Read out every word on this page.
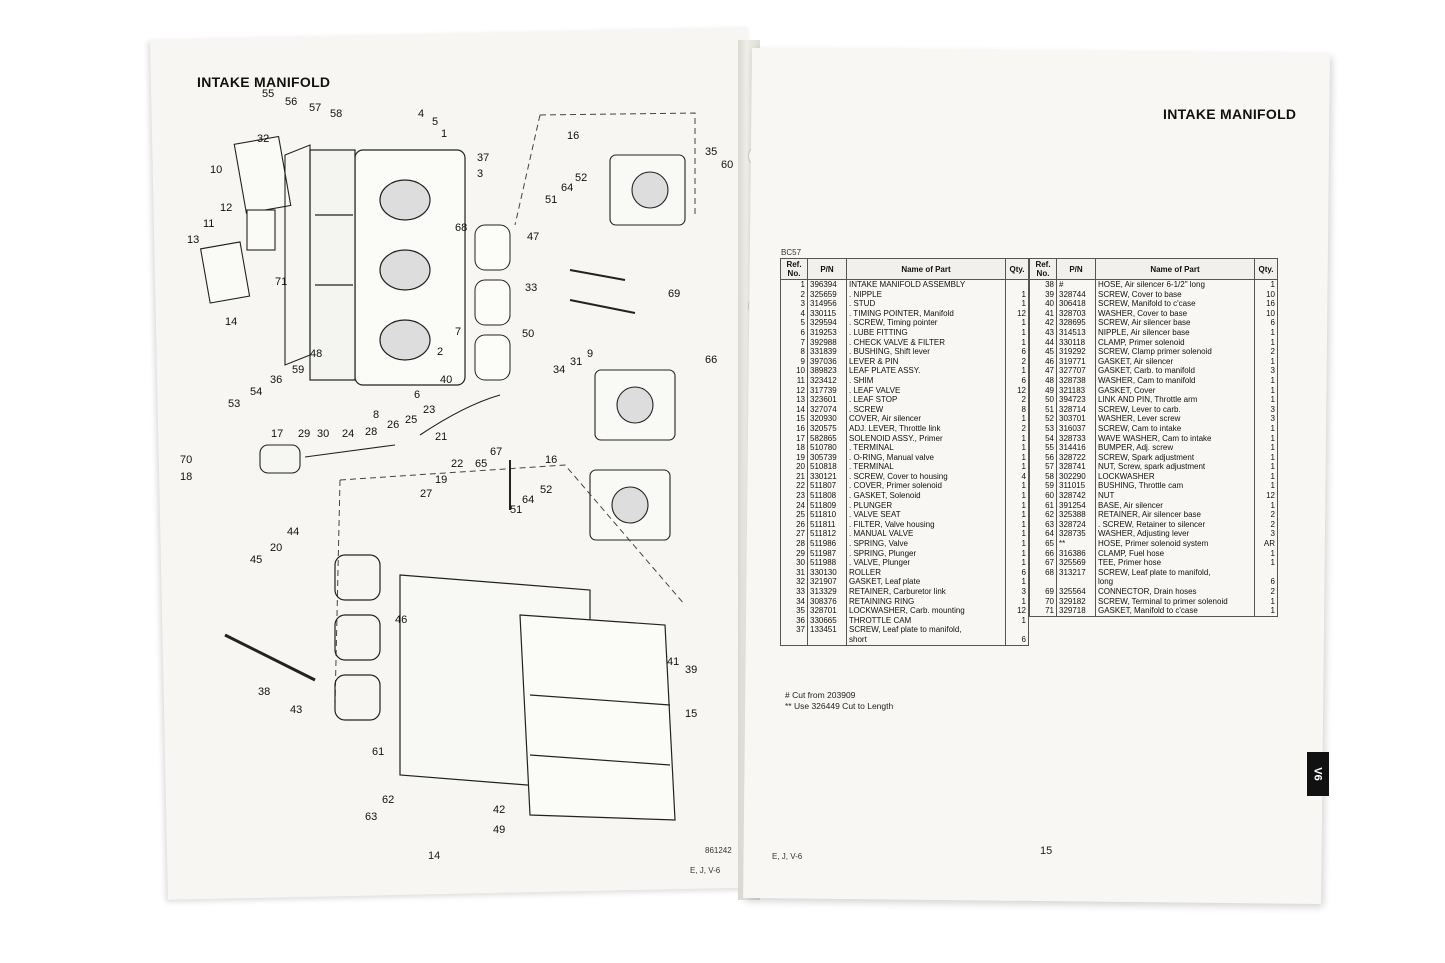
INTAKE MANIFOLD
55
56 57 58	4
5
1
37
3
32
10
12
11
13
68
71
14
48
59
36
54
53
7
2
40
8
6
23
17 29 30 24 28
26 25
21
22 65
67
19
27
70
18
44
20
45
46
38
43
61
62
63
42
49
15
41
39
16
35
60
52
64
51
47
33
50
69
31
9
34
66
16
52
64
51
14	861242
E, J, V-6
INTAKE MANIFOLD
BC57
Ref. No.	P/N	Name of Part	Qty.
1	396394	INTAKE MANIFOLD ASSEMBLY	
2	325659	. NIPPLE	1
3	314956	. STUD	1
4	330115	. TIMING POINTER, Manifold	12
5	329594	. SCREW, Timing pointer	1
6	319253	. LUBE FITTING	1
7	392988	. CHECK VALVE & FILTER	1
8	331839	. BUSHING, Shift lever	6
9	397036	LEVER & PIN	2
10	389823	LEAF PLATE ASSY.	1
11	323412	. SHIM	6
12	317739	. LEAF VALVE	12
13	323601	. LEAF STOP	2
14	327074	. SCREW	8
15	320930	COVER, Air silencer	1
16	320575	ADJ. LEVER, Throttle link	2
17	582865	SOLENOID ASSY., Primer	1
18	510780	. TERMINAL	1
19	305739	. O-RING, Manual valve	1
20	510818	. TERMINAL	1
21	330121	. SCREW, Cover to housing	4
22	511807	. COVER, Primer solenoid	1
23	511808	. GASKET, Solenoid	1
24	511809	. PLUNGER	1
25	511810	. VALVE SEAT	1
26	511811	. FILTER, Valve housing	1
27	511812	. MANUAL VALVE	1
28	511986	. SPRING, Valve	1
29	511987	. SPRING, Plunger	1
30	511988	. VALVE, Plunger	1
31	330130	ROLLER	6
32	321907	GASKET, Leaf plate	1
33	313329	RETAINER, Carburetor link	3
34	308376	RETAINING RING	1
35	328701	LOCKWASHER, Carb. mounting	12
36	330665	THROTTLE CAM	1
37	133451	SCREW, Leaf plate to manifold,	
		short	6
Ref. No.	P/N	Name of Part	Qty.
38	#	HOSE, Air silencer 6-1/2" long	1
39	328744	SCREW, Cover to base	10
40	306418	SCREW, Manifold to c'case	16
41	328703	WASHER, Cover to base	10
42	328695	SCREW, Air silencer base	6
43	314513	NIPPLE, Air silencer base	1
44	330118	CLAMP, Primer solenoid	1
45	319292	SCREW, Clamp primer solenoid	2
46	319771	GASKET, Air silencer	1
47	327707	GASKET, Carb. to manifold	3
48	328738	WASHER, Cam to manifold	1
49	321183	GASKET, Cover	1
50	394723	LINK AND PIN, Throttle arm	1
51	328714	SCREW, Lever to carb.	3
52	303701	WASHER, Lever screw	3
53	316037	SCREW, Cam to intake	1
54	328733	WAVE WASHER, Cam to intake	1
55	314416	BUMPER, Adj. screw	1
56	328722	SCREW, Spark adjustment	1
57	328741	NUT, Screw, spark adjustment	1
58	302290	LOCKWASHER	1
59	311015	BUSHING, Throttle cam	1
60	328742	NUT	12
61	391254	BASE, Air silencer	1
62	325388	RETAINER, Air silencer base	2
63	328724	. SCREW, Retainer to silencer	2
64	328735	WASHER, Adjusting lever	3
65	**	HOSE, Primer solenoid system	AR
66	316386	CLAMP, Fuel hose	1
67	325569	TEE, Primer hose	1
68	313217	SCREW, Leaf plate to manifold,	
		long	6
69	325564	CONNECTOR, Drain hoses	2
70	329182	SCREW, Terminal to primer solenoid	1
71	329718	GASKET, Manifold to c'case	1
# Cut from 203909
** Use 326449 Cut to Length
V6
15
E, J, V-6
